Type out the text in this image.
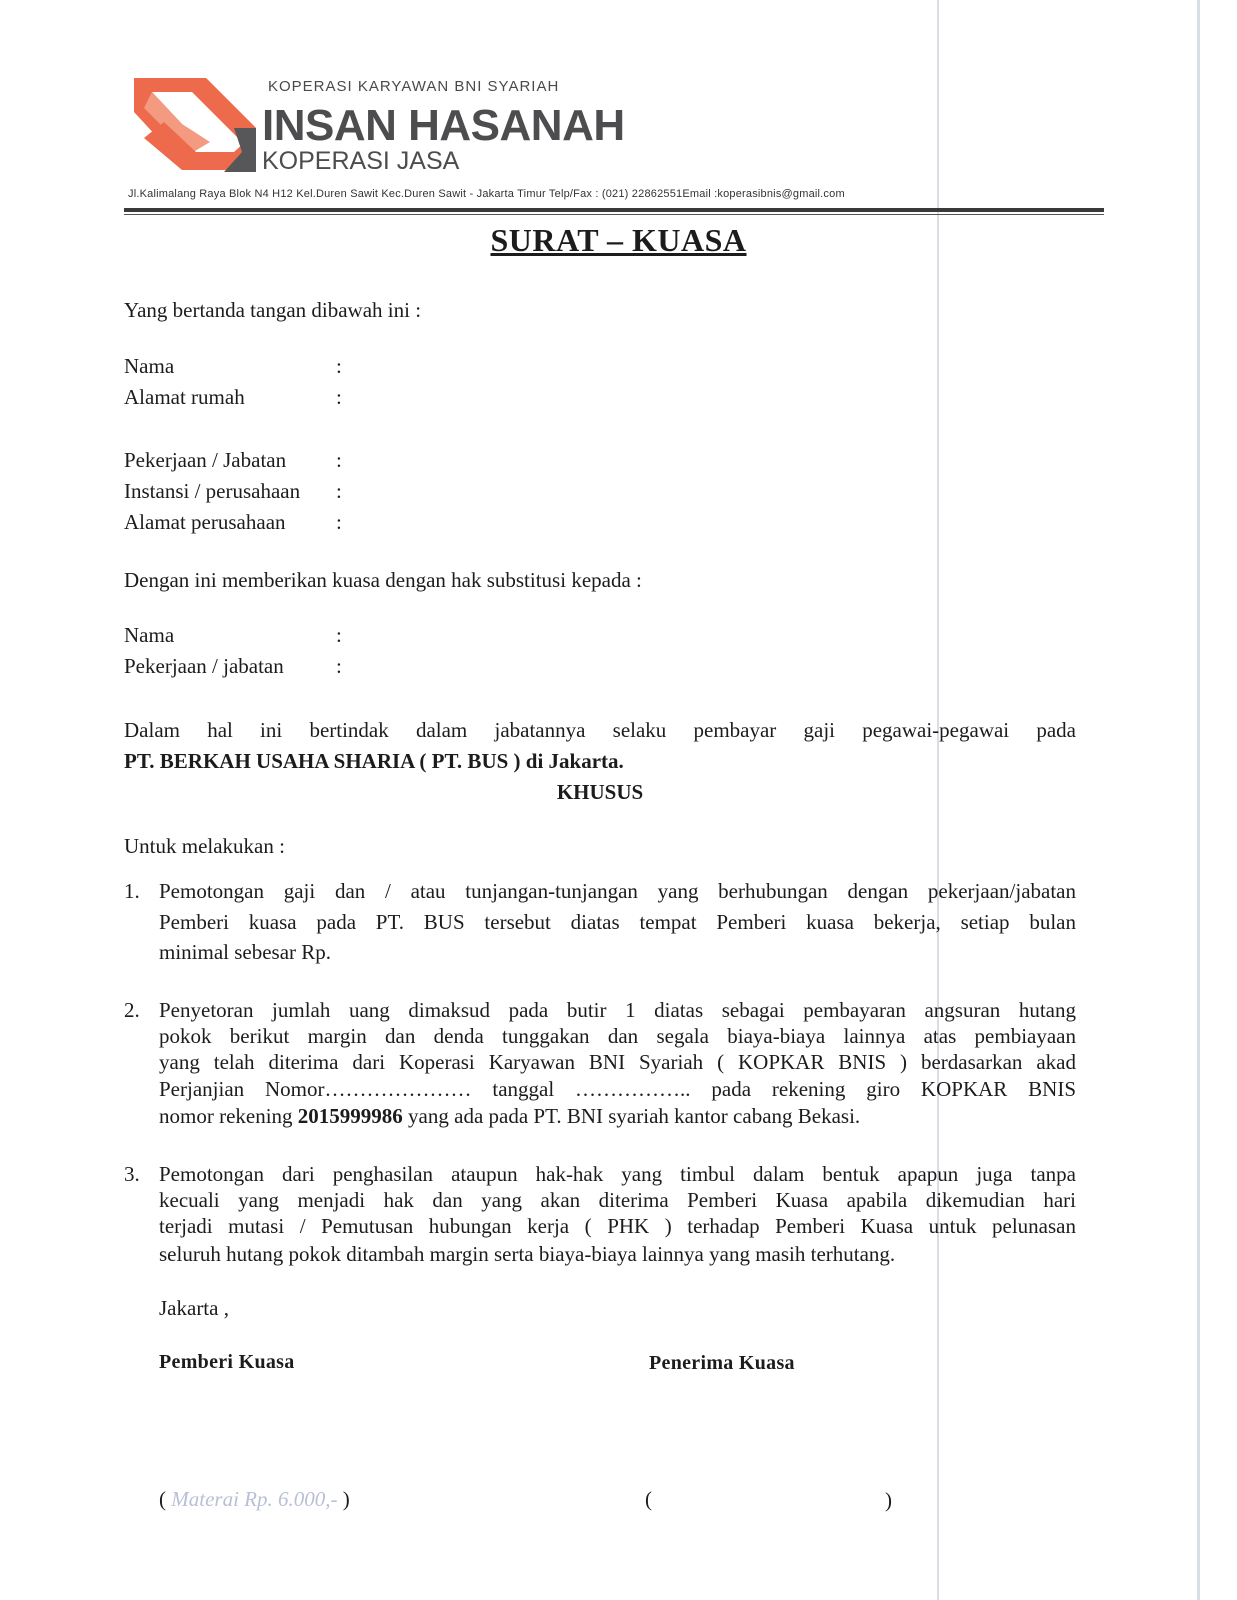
KOPERASI KARYAWAN BNI SYARIAH
INSAN HASANAH
KOPERASI JASA
Jl.Kalimalang Raya Blok N4 H12 Kel.Duren Sawit Kec.Duren Sawit - Jakarta Timur Telp/Fax : (021) 22862551Email :koperasibnis@gmail.com
SURAT – KUASA
Yang bertanda tangan dibawah ini :
Nama	:
Alamat rumah	:
Pekerjaan / Jabatan :
Instansi / perusahaan :
Alamat perusahaan :
Dengan ini memberikan kuasa dengan hak substitusi kepada :
Nama	:
Pekerjaan / jabatan :
Dalam hal ini bertindak dalam jabatannya selaku pembayar gaji pegawai-pegawai pada
PT. BERKAH USAHA SHARIA ( PT. BUS ) di Jakarta.
KHUSUS
Untuk melakukan :
1. Pemotongan gaji dan / atau tunjangan-tunjangan yang berhubungan dengan pekerjaan/jabatan
Pemberi kuasa pada PT. BUS tersebut diatas tempat Pemberi kuasa bekerja, setiap bulan
minimal sebesar Rp.
2. Penyetoran jumlah uang dimaksud pada butir 1 diatas sebagai pembayaran angsuran hutang
pokok berikut margin dan denda tunggakan dan segala biaya-biaya lainnya atas pembiayaan
yang telah diterima dari Koperasi Karyawan BNI Syariah ( KOPKAR BNIS ) berdasarkan akad
Perjanjian Nomor………………… tanggal …………….. pada rekening giro KOPKAR BNIS
nomor rekening 2015999986 yang ada pada PT. BNI syariah kantor cabang Bekasi.
3. Pemotongan dari penghasilan ataupun hak-hak yang timbul dalam bentuk apapun juga tanpa
kecuali yang menjadi hak dan yang akan diterima Pemberi Kuasa apabila dikemudian hari
terjadi mutasi / Pemutusan hubungan kerja ( PHK ) terhadap Pemberi Kuasa untuk pelunasan
seluruh hutang pokok ditambah margin serta biaya-biaya lainnya yang masih terhutang.
Jakarta ,
Pemberi Kuasa	Penerima Kuasa
( Materai Rp. 6.000,- )	(	)
